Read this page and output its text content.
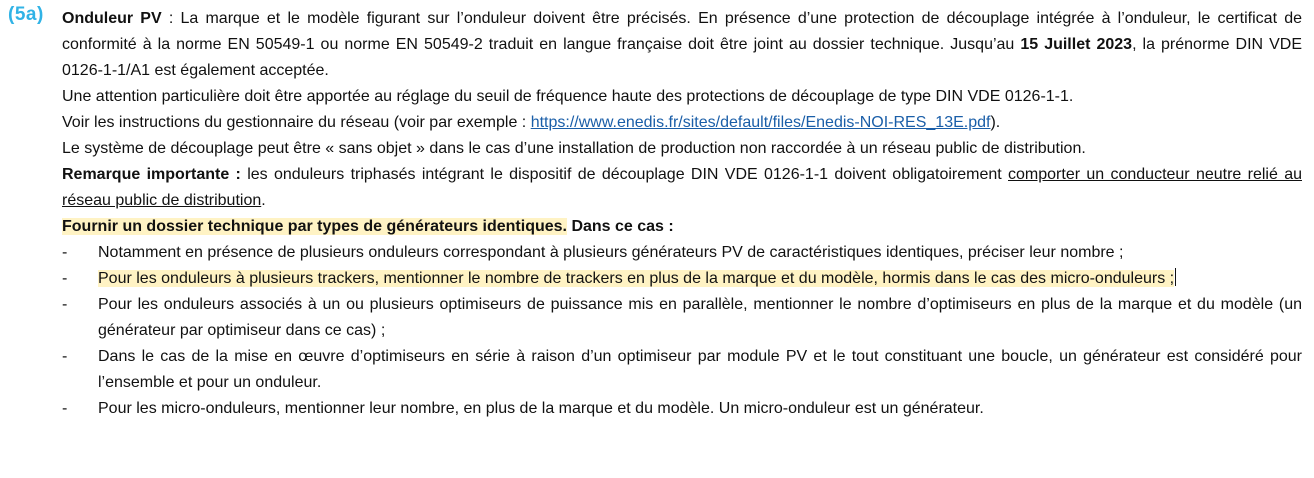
(5a) Onduleur PV : La marque et le modèle figurant sur l’onduleur doivent être précisés. En présence d’une protection de découplage intégrée à l’onduleur, le certificat de conformité à la norme EN 50549-1 ou norme EN 50549-2 traduit en langue française doit être joint au dossier technique. Jusqu’au 15 Juillet 2023, la prénorme DIN VDE 0126-1-1/A1 est également acceptée.

Une attention particulière doit être apportée au réglage du seuil de fréquence haute des protections de découplage de type DIN VDE 0126-1-1.

Voir les instructions du gestionnaire du réseau (voir par exemple : https://www.enedis.fr/sites/default/files/Enedis-NOI-RES_13E.pdf).

Le système de découplage peut être « sans objet » dans le cas d’une installation de production non raccordée à un réseau public de distribution.

Remarque importante : les onduleurs triphasés intégrant le dispositif de découplage DIN VDE 0126-1-1 doivent obligatoirement comporter un conducteur neutre relié au réseau public de distribution.

Fournir un dossier technique par types de générateurs identiques. Dans ce cas :

- Notamment en présence de plusieurs onduleurs correspondant à plusieurs générateurs PV de caractéristiques identiques, préciser leur nombre ;
- Pour les onduleurs à plusieurs trackers, mentionner le nombre de trackers en plus de la marque et du modèle, hormis dans le cas des micro-onduleurs ;
- Pour les onduleurs associés à un ou plusieurs optimiseurs de puissance mis en parallèle, mentionner le nombre d’optimiseurs en plus de la marque et du modèle (un générateur par optimiseur dans ce cas) ;
- Dans le cas de la mise en œuvre d’optimiseurs en série à raison d’un optimiseur par module PV et le tout constituant une boucle, un générateur est considéré pour l’ensemble et pour un onduleur.
- Pour les micro-onduleurs, mentionner leur nombre, en plus de la marque et du modèle. Un micro-onduleur est un générateur.
